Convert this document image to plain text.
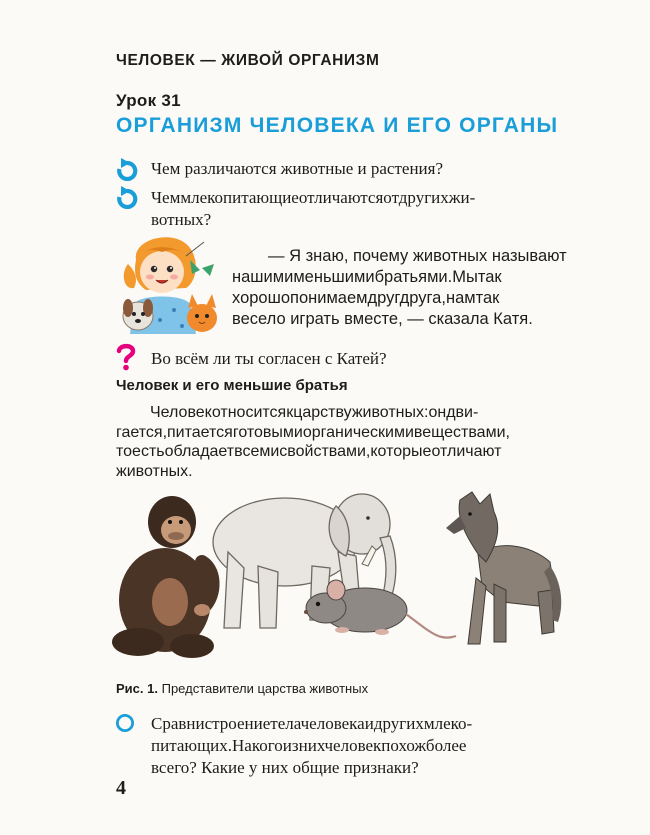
ЧЕЛОВЕК — ЖИВОЙ ОРГАНИЗМ
Урок 31
ОРГАНИЗМ ЧЕЛОВЕКА И ЕГО ОРГАНЫ
Чем различаются животные и растения?
Чеммлекопитающиеотличаютсяотдругихжи-
вотных?
— Я знаю, почему животных называют
нашимименьшимибратьями.Мытак
хорошопонимаемдругдруга,намтак
весело играть вместе, — сказала Катя.
Во всём ли ты согласен с Катей?
Человек и его меньшие братья
Человекотноситсякцарствуживотных:ондви-
гается,питаетсяготовымиорганическимивеществами,
тоестьобладаетвсемисвойствами,которыеотличают
животных.
Рис. 1. Представители царства животных
Сравнистроениетелачеловекаидругихмлеко-
питающих.Накогоизнихчеловекпохожболее
всего? Какие у них общие признаки?
4
